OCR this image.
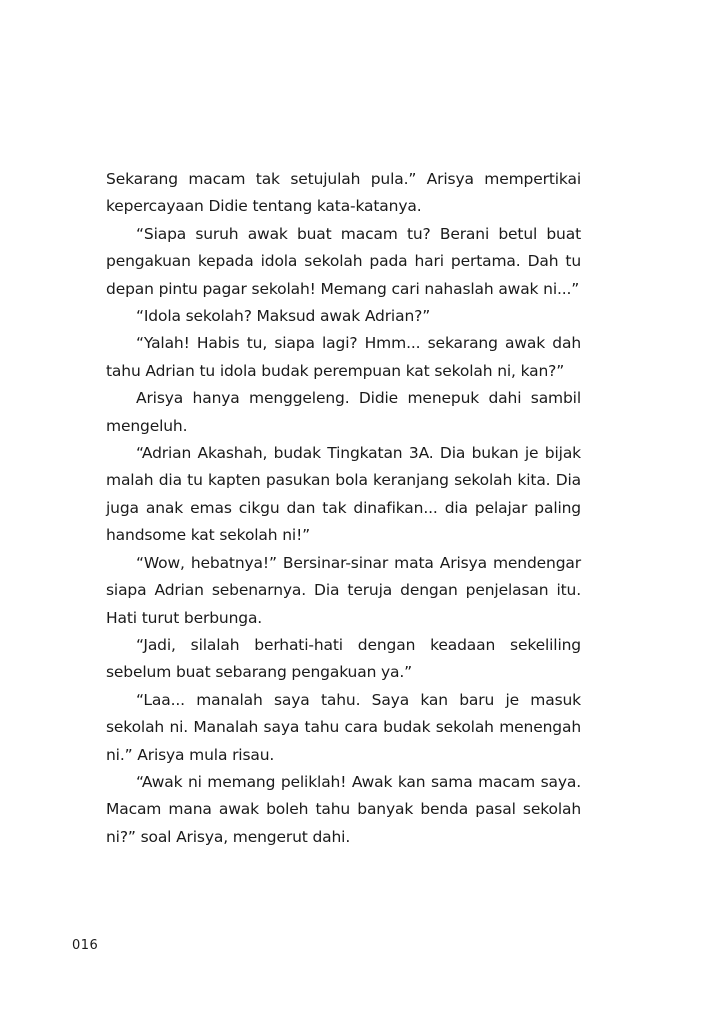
Sekarang macam tak setujulah pula.” Arisya mempertikai kepercayaan Didie tentang kata-katanya.

“Siapa suruh awak buat macam tu? Berani betul buat pengakuan kepada idola sekolah pada hari pertama. Dah tu depan pintu pagar sekolah! Memang cari nahaslah awak ni...”

“Idola sekolah? Maksud awak Adrian?”

“Yalah! Habis tu, siapa lagi? Hmm... sekarang awak dah tahu Adrian tu idola budak perempuan kat sekolah ni, kan?”

Arisya hanya menggeleng. Didie menepuk dahi sambil mengeluh.

“Adrian Akashah, budak Tingkatan 3A. Dia bukan je bijak malah dia tu kapten pasukan bola keranjang sekolah kita. Dia juga anak emas cikgu dan tak dinafikan... dia pelajar paling handsome kat sekolah ni!”

“Wow, hebatnya!” Bersinar-sinar mata Arisya mendengar siapa Adrian sebenarnya. Dia teruja dengan penjelasan itu. Hati turut berbunga.

“Jadi, silalah berhati-hati dengan keadaan sekeliling sebelum buat sebarang pengakuan ya.”

“Laa... manalah saya tahu. Saya kan baru je masuk sekolah ni. Manalah saya tahu cara budak sekolah menengah ni.” Arisya mula risau.

“Awak ni memang peliklah! Awak kan sama macam saya. Macam mana awak boleh tahu banyak benda pasal sekolah ni?” soal Arisya, mengerut dahi.

016
